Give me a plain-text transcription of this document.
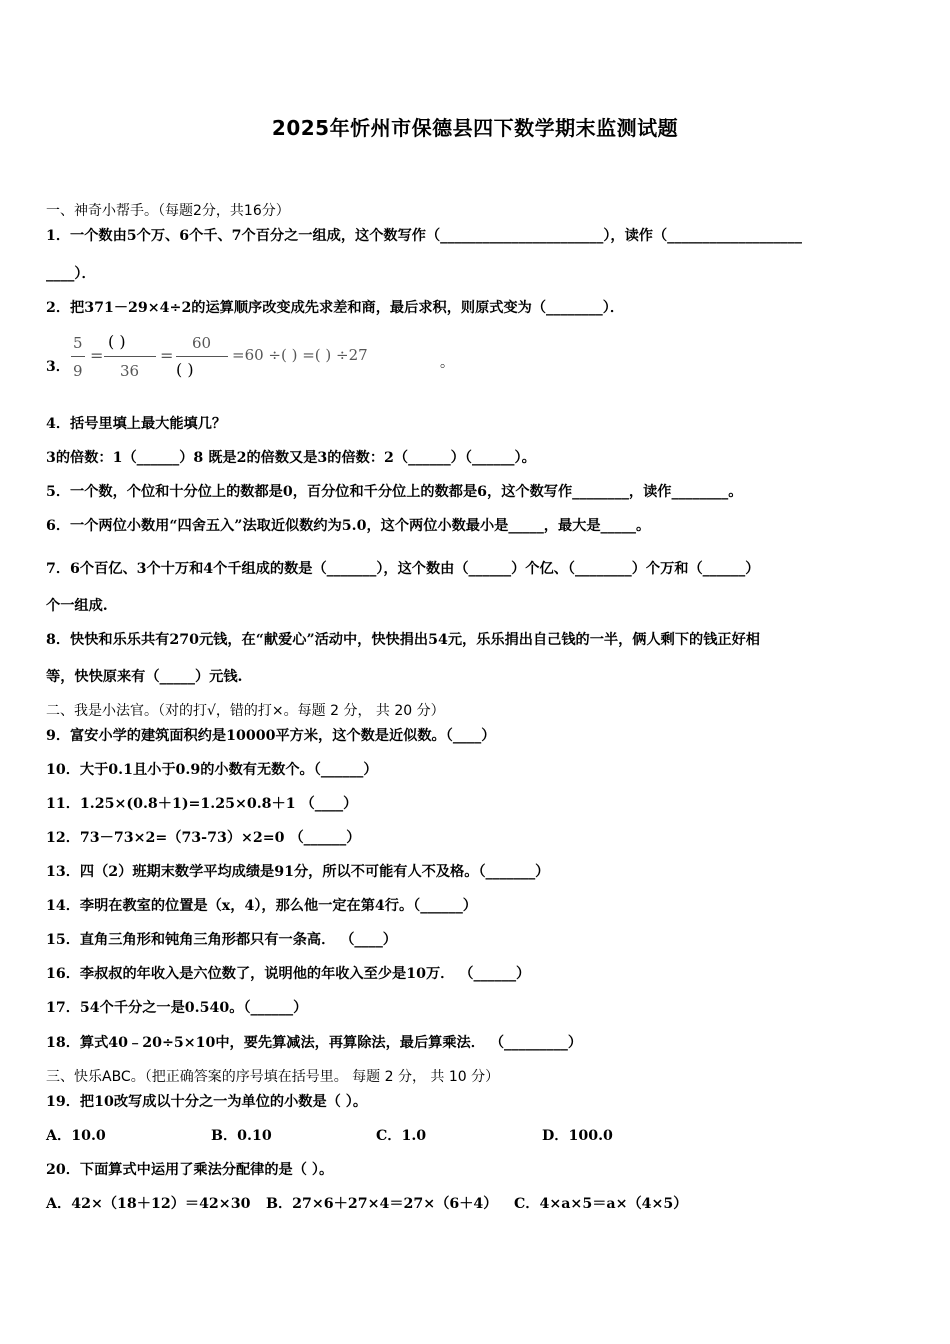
2025年忻州市保德县四下数学期末监测试题
一、神奇小帮手。（每题2分，共16分）
1．一个数由5个万、6个千、7个百分之一组成，这个数写作（_______________________），读作（___________________
____）．
2．把371－29×4÷2的运算顺序改变成先求差和商，最后求积，则原式变为（________）．
3．
5
9
=
( )
36
=
60
( )
=60 ÷( ) =( ) ÷27	。
4．括号里填上最大能填几？
3的倍数：1（______）8 既是2的倍数又是3的倍数：2（______）（______）。
5．一个数，个位和十分位上的数都是0，百分位和千分位上的数都是6，这个数写作________，读作________。
6．一个两位小数用“四舍五入”法取近似数约为5.0，这个两位小数最小是_____，最大是_____。
7．6个百亿、3个十万和4个千组成的数是（_______），这个数由（______）个亿、（________）个万和（______）
个一组成.
8．快快和乐乐共有270元钱，在“献爱心”活动中，快快捐出54元，乐乐捐出自己钱的一半，俩人剩下的钱正好相
等，快快原来有（_____）元钱.
二、我是小法官。（对的打√，错的打×。每题 2 分， 共 20 分）
9．富安小学的建筑面积约是10000平方米，这个数是近似数。（____）
10．大于0.1且小于0.9的小数有无数个。（______）
11．1.25×(0.8＋1)=1.25×0.8＋1 （____）
12．73－73×2=（73-73）×2=0 （______）
13．四（2）班期末数学平均成绩是91分，所以不可能有人不及格。（_______）
14．李明在教室的位置是（x，4），那么他一定在第4行。（______）
15．直角三角形和钝角三角形都只有一条高． （____）
16．李叔叔的年收入是六位数了，说明他的年收入至少是10万． （______）
17．54个千分之一是0.540。（______）
18．算式40﹣20÷5×10中，要先算减法，再算除法，最后算乘法． （_________）
三、快乐ABC。（把正确答案的序号填在括号里。 每题 2 分， 共 10 分）
19．把10改写成以十分之一为单位的小数是（ ）。
A．10.0	B．0.10	C．1.0	D．100.0
20．下面算式中运用了乘法分配律的是（ ）。
A．42×（18＋12）＝42×30 B．27×6＋27×4＝27×（6＋4） C．4×a×5＝a×（4×5）
